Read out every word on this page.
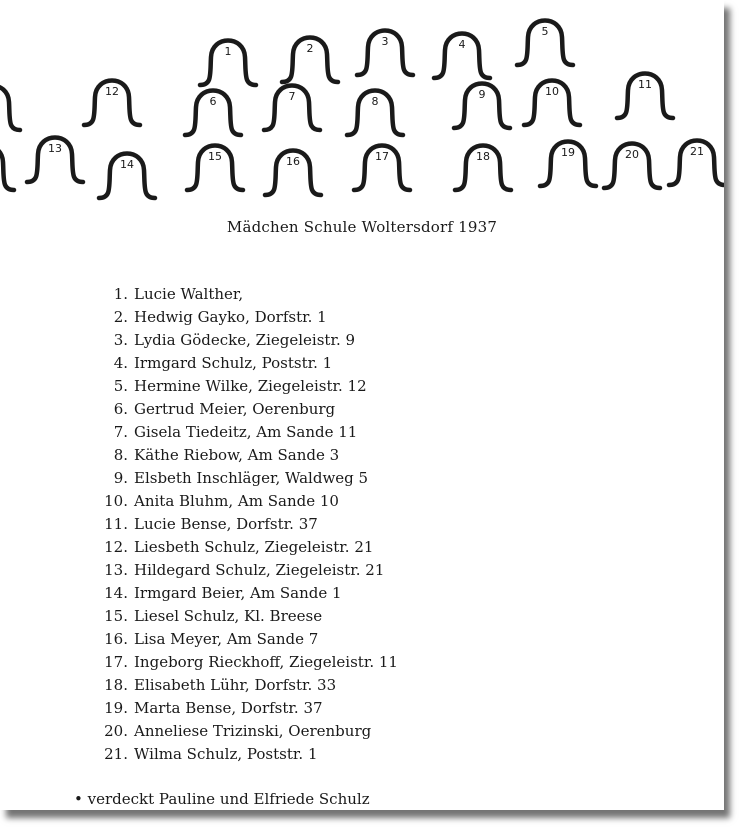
1	2
3	4
5
6	7	8
9	10
11
12
13
14
15	16	17	18	19	20	21
Mädchen Schule Woltersdorf 1937
1. Lucie Walther,
2. Hedwig Gayko, Dorfstr. 1
3. Lydia Gödecke, Ziegeleistr. 9
4. Irmgard Schulz, Poststr. 1
5. Hermine Wilke, Ziegeleistr. 12
6. Gertrud Meier, Oerenburg
7. Gisela Tiedeitz, Am Sande 11
8. Käthe Riebow, Am Sande 3
9. Elsbeth Inschläger, Waldweg 5
10. Anita Bluhm, Am Sande 10
11. Lucie Bense, Dorfstr. 37
12. Liesbeth Schulz, Ziegeleistr. 21
13. Hildegard Schulz, Ziegeleistr. 21
14. Irmgard Beier, Am Sande 1
15. Liesel Schulz, Kl. Breese
16. Lisa Meyer, Am Sande 7
17. Ingeborg Rieckhoff, Ziegeleistr. 11
18. Elisabeth Lühr, Dorfstr. 33
19. Marta Bense, Dorfstr. 37
20. Anneliese Trizinski, Oerenburg
21. Wilma Schulz, Poststr. 1
• verdeckt Pauline und Elfriede Schulz
